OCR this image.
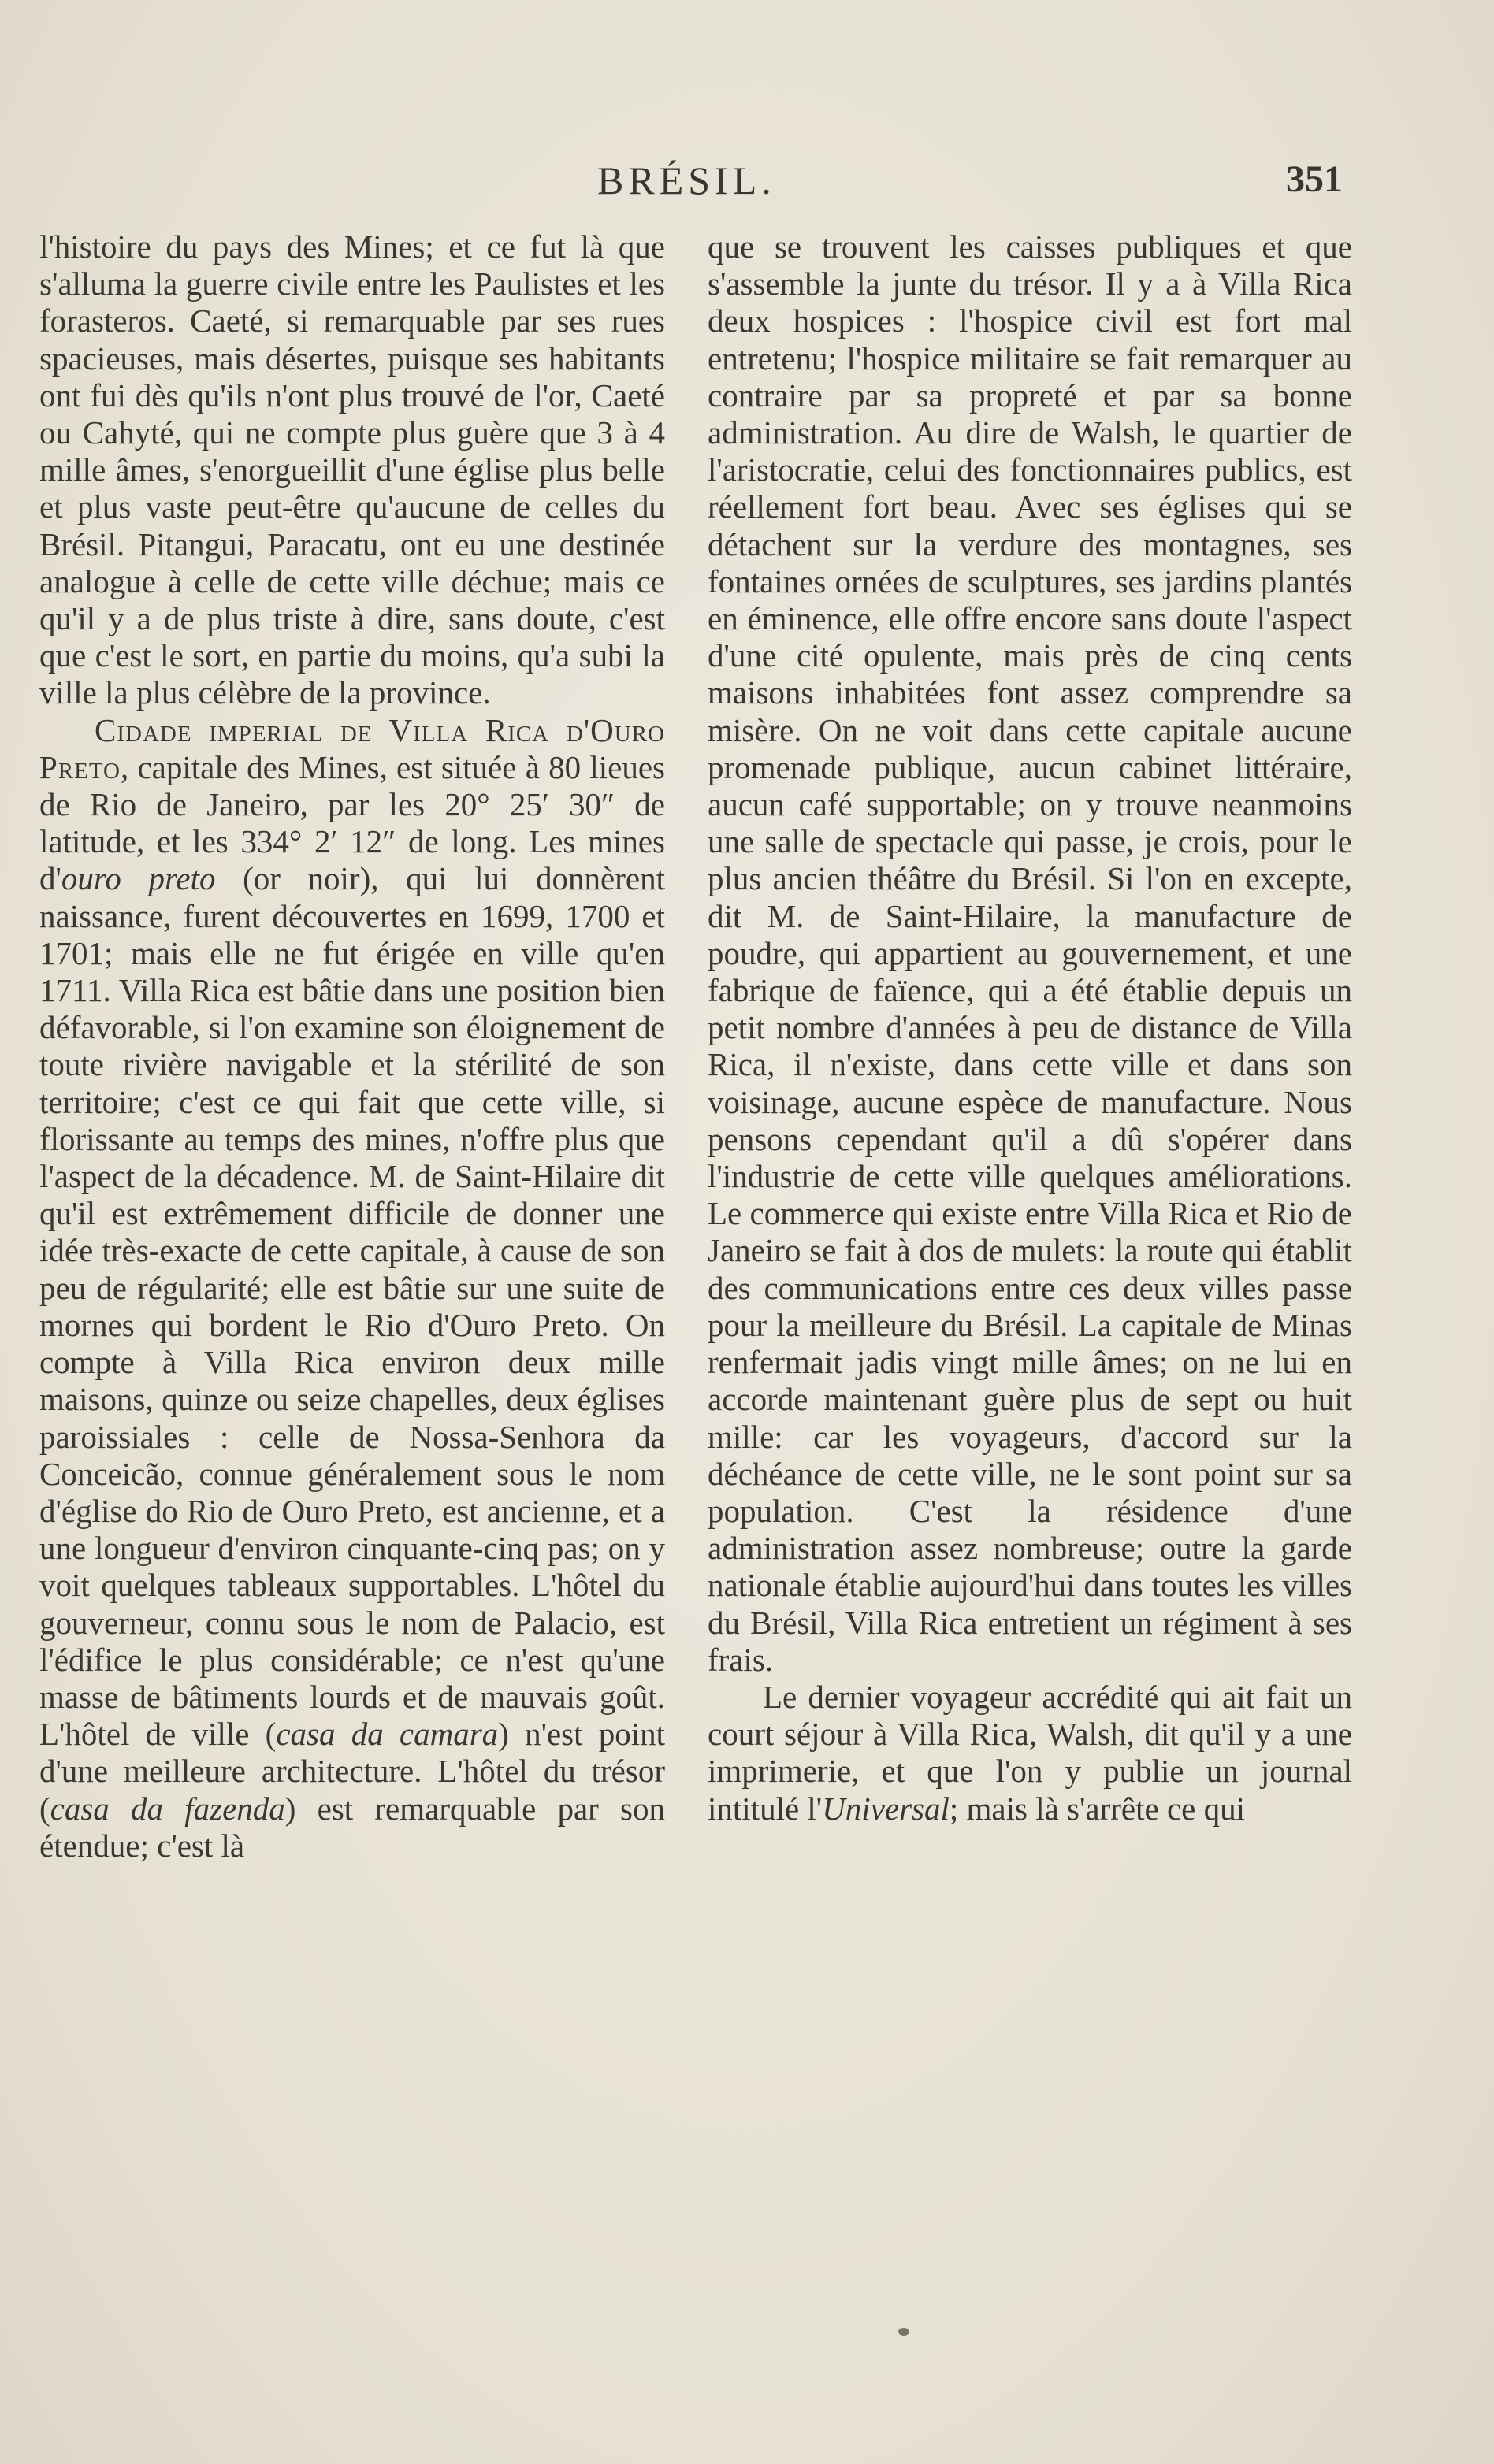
BRÉSIL.	351

l'histoire du pays des Mines; et ce fut là que s'alluma la guerre civile entre les Paulistes et les forasteros. Caeté, si remarquable par ses rues spacieuses, mais désertes, puisque ses habitants ont fui dès qu'ils n'ont plus trouvé de l'or, Caeté ou Cahyté, qui ne compte plus guère que 3 à 4 mille âmes, s'enorgueillit d'une église plus belle et plus vaste peut-être qu'aucune de celles du Brésil. Pitangui, Paracatu, ont eu une destinée analogue à celle de cette ville déchue; mais ce qu'il y a de plus triste à dire, sans doute, c'est que c'est le sort, en partie du moins, qu'a subi la ville la plus célèbre de la province.

Cidade imperial de Villa Rica d'Ouro Preto, capitale des Mines, est située à 80 lieues de Rio de Janeiro, par les 20° 25′ 30″ de latitude, et les 334° 2′ 12″ de long. Les mines d'ouro preto (or noir), qui lui donnèrent naissance, furent découvertes en 1699, 1700 et 1701; mais elle ne fut érigée en ville qu'en 1711. Villa Rica est bâtie dans une position bien défavorable, si l'on examine son éloignement de toute rivière navigable et la stérilité de son territoire; c'est ce qui fait que cette ville, si florissante au temps des mines, n'offre plus que l'aspect de la décadence. M. de Saint-Hilaire dit qu'il est extrêmement difficile de donner une idée très-exacte de cette capitale, à cause de son peu de régularité; elle est bâtie sur une suite de mornes qui bordent le Rio d'Ouro Preto. On compte à Villa Rica environ deux mille maisons, quinze ou seize chapelles, deux églises paroissiales : celle de Nossa-Senhora da Conceicão, connue généralement sous le nom d'église do Rio de Ouro Preto, est ancienne, et a une longueur d'environ cinquante-cinq pas; on y voit quelques tableaux supportables. L'hôtel du gouverneur, connu sous le nom de Palacio, est l'édifice le plus considérable; ce n'est qu'une masse de bâtiments lourds et de mauvais goût. L'hôtel de ville (casa da camara) n'est point d'une meilleure architecture. L'hôtel du trésor (casa da fazenda) est remarquable par son étendue; c'est là

que se trouvent les caisses publiques et que s'assemble la junte du trésor. Il y a à Villa Rica deux hospices : l'hospice civil est fort mal entretenu; l'hospice militaire se fait remarquer au contraire par sa propreté et par sa bonne administration. Au dire de Walsh, le quartier de l'aristocratie, celui des fonctionnaires publics, est réellement fort beau. Avec ses églises qui se détachent sur la verdure des montagnes, ses fontaines ornées de sculptures, ses jardins plantés en éminence, elle offre encore sans doute l'aspect d'une cité opulente, mais près de cinq cents maisons inhabitées font assez comprendre sa misère. On ne voit dans cette capitale aucune promenade publique, aucun cabinet littéraire, aucun café supportable; on y trouve neanmoins une salle de spectacle qui passe, je crois, pour le plus ancien théâtre du Brésil. Si l'on en excepte, dit M. de Saint-Hilaire, la manufacture de poudre, qui appartient au gouvernement, et une fabrique de faïence, qui a été établie depuis un petit nombre d'années à peu de distance de Villa Rica, il n'existe, dans cette ville et dans son voisinage, aucune espèce de manufacture. Nous pensons cependant qu'il a dû s'opérer dans l'industrie de cette ville quelques améliorations. Le commerce qui existe entre Villa Rica et Rio de Janeiro se fait à dos de mulets: la route qui établit des communications entre ces deux villes passe pour la meilleure du Brésil. La capitale de Minas renfermait jadis vingt mille âmes; on ne lui en accorde maintenant guère plus de sept ou huit mille: car les voyageurs, d'accord sur la déchéance de cette ville, ne le sont point sur sa population. C'est la résidence d'une administration assez nombreuse; outre la garde nationale établie aujourd'hui dans toutes les villes du Brésil, Villa Rica entretient un régiment à ses frais.

Le dernier voyageur accrédité qui ait fait un court séjour à Villa Rica, Walsh, dit qu'il y a une imprimerie, et que l'on y publie un journal intitulé l'Universal; mais là s'arrête ce qui
